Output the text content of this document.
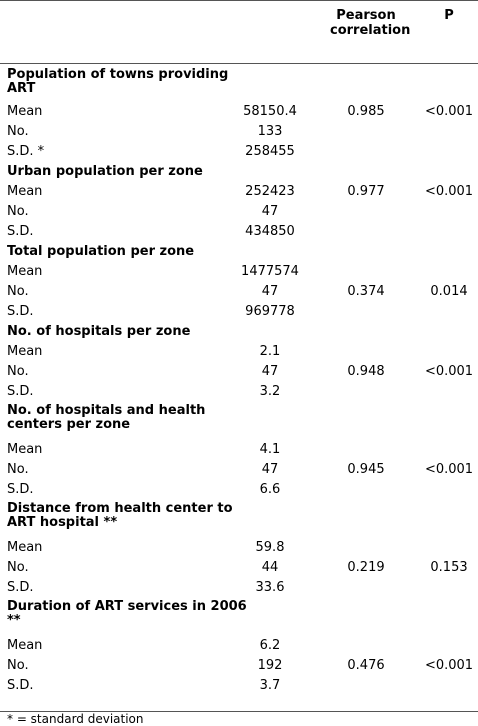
Pearson correlation
P
Population of towns providing ART
Mean	58150.4	0.985	<0.001
No.	133
S.D. *	258455
Urban population per zone
Mean	252423	0.977	<0.001
No.	47
S.D.	434850
Total population per zone
Mean	1477574
No.	47	0.374	0.014
S.D.	969778
No. of hospitals per zone
Mean	2.1
No.	47	0.948	<0.001
S.D.	3.2
No. of hospitals and health centers per zone
Mean	4.1
No.	47	0.945	<0.001
S.D.	6.6
Distance from health center to ART hospital **
Mean	59.8
No.	44	0.219	0.153
S.D.	33.6
Duration of ART services in 2006 **
Mean	6.2
No.	192	0.476	<0.001
S.D.	3.7
* = standard deviation
